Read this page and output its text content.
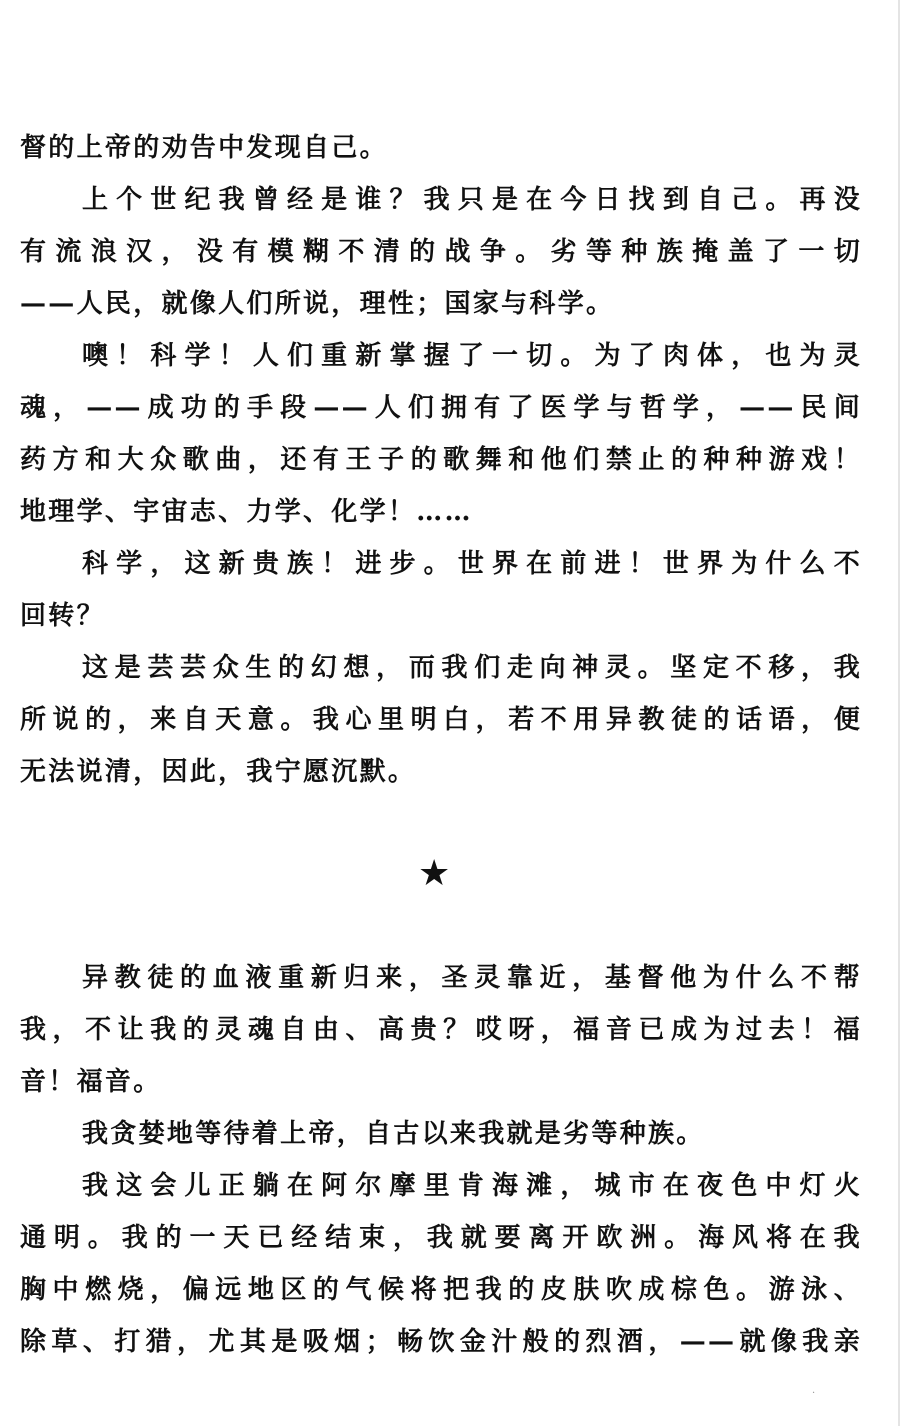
督的上帝的劝告中发现自己。
上个世纪我曾经是谁？我只是在今日找到自己。再没
有流浪汉，没有模糊不清的战争。劣等种族掩盖了一切
——人民，就像人们所说，理性；国家与科学。
噢！科学！人们重新掌握了一切。为了肉体，也为灵
魂，——成功的手段——人们拥有了医学与哲学，——民间
药方和大众歌曲，还有王子的歌舞和他们禁止的种种游戏！
地理学、宇宙志、力学、化学！……
科学，这新贵族！进步。世界在前进！世界为什么不
回转？
这是芸芸众生的幻想，而我们走向神灵。坚定不移，我
所说的，来自天意。我心里明白，若不用异教徒的话语，便
无法说清，因此，我宁愿沉默。
★
异教徒的血液重新归来，圣灵靠近，基督他为什么不帮
我，不让我的灵魂自由、高贵？哎呀，福音已成为过去！福
音！福音。
我贪婪地等待着上帝，自古以来我就是劣等种族。
我这会儿正躺在阿尔摩里肯海滩，城市在夜色中灯火
通明。我的一天已经结束，我就要离开欧洲。海风将在我
胸中燃烧，偏远地区的气候将把我的皮肤吹成棕色。游泳、
除草、打猎，尤其是吸烟；畅饮金汁般的烈酒，——就像我亲
·
